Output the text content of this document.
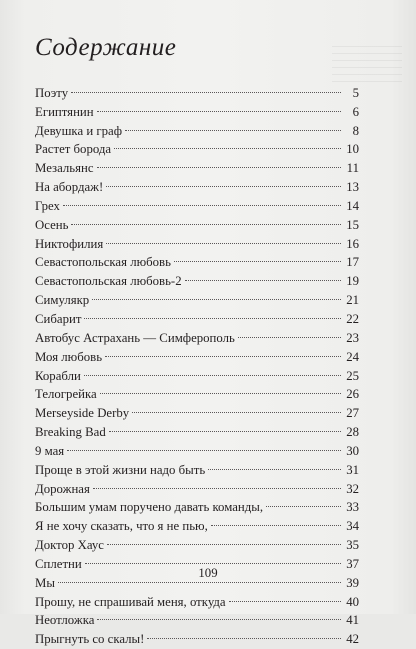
Содержание
Поэту	5
Египтянин	6
Девушка и граф	8
Растет борода	10
Мезальянс	11
На абордаж!	13
Грех	14
Осень	15
Никтофилия	16
Севастопольская любовь	17
Севастопольская любовь-2	19
Симулякр	21
Сибарит	22
Автобус Астрахань — Симферополь	23
Моя любовь	24
Корабли	25
Телогрейка	26
Merseyside Derby	27
Breaking Bad	28
9 мая	30
Проще в этой жизни надо быть	31
Дорожная	32
Большим умам поручено давать команды,	33
Я не хочу сказать, что я не пью,	34
Доктор Хаус	35
Сплетни	37
Мы	39
Прошу, не спрашивай меня, откуда	40
Неотложка	41
Прыгнуть со скалы!	42
109
